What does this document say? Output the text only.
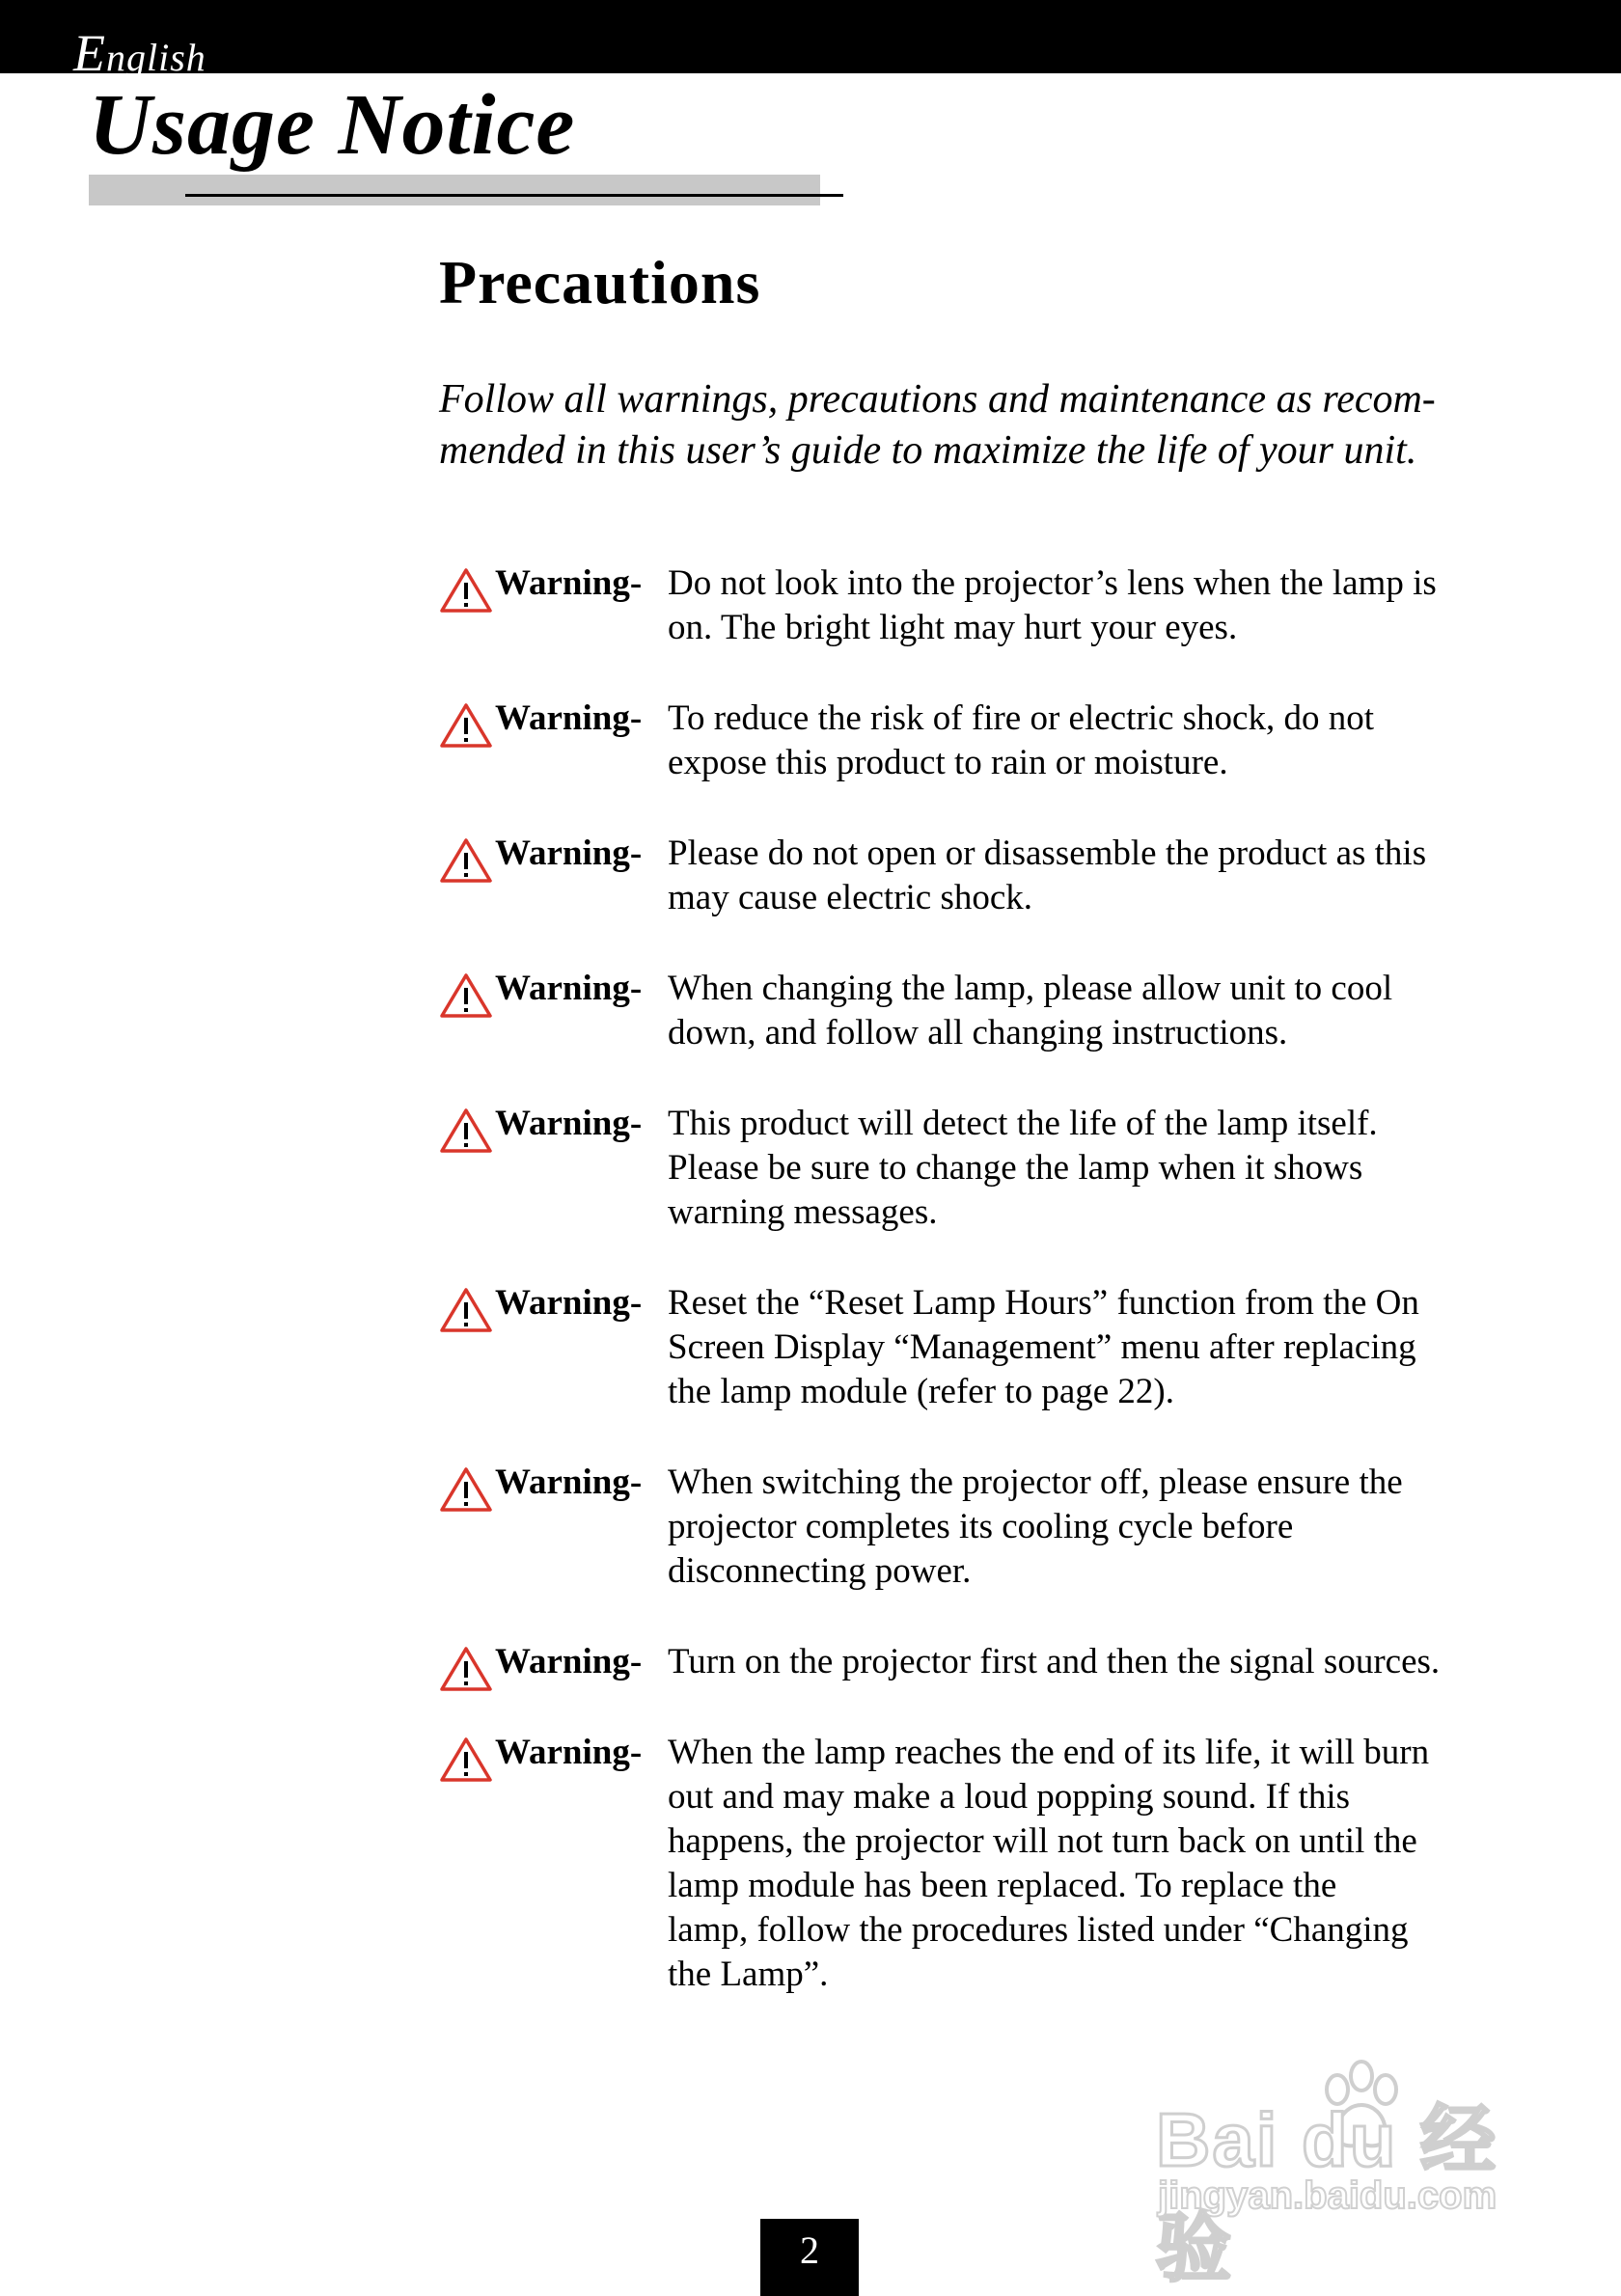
English
Usage Notice
Precautions
Follow all warnings, precautions and maintenance as recom-
mended in this user’s guide to maximize the life of your unit.
Warning- Do not look into the projector’s lens when the lamp is
on. The bright light may hurt your eyes.
Warning- To reduce the risk of fire or electric shock, do not
expose this product to rain or moisture.
Warning- Please do not open or disassemble the product as this
may cause electric shock.
Warning- When changing the lamp, please allow unit to cool
down, and follow all changing instructions.
Warning- This product will detect the life of the lamp itself.
Please be sure to change the lamp when it shows
warning messages.
Warning- Reset the “Reset Lamp Hours” function from the On
Screen Display “Management” menu after replacing
the lamp module (refer to page 22).
Warning- When switching the projector off, please ensure the
projector completes its cooling cycle before
disconnecting power.
Warning- Turn on the projector first and then the signal sources.
Warning- When the lamp reaches the end of its life, it will burn
out and may make a loud popping sound. If this
happens, the projector will not turn back on until the
lamp module has been replaced. To replace the
lamp, follow the procedures listed under “Changing
the Lamp”.
Bai du 经验
jingyan.baidu.com
2
